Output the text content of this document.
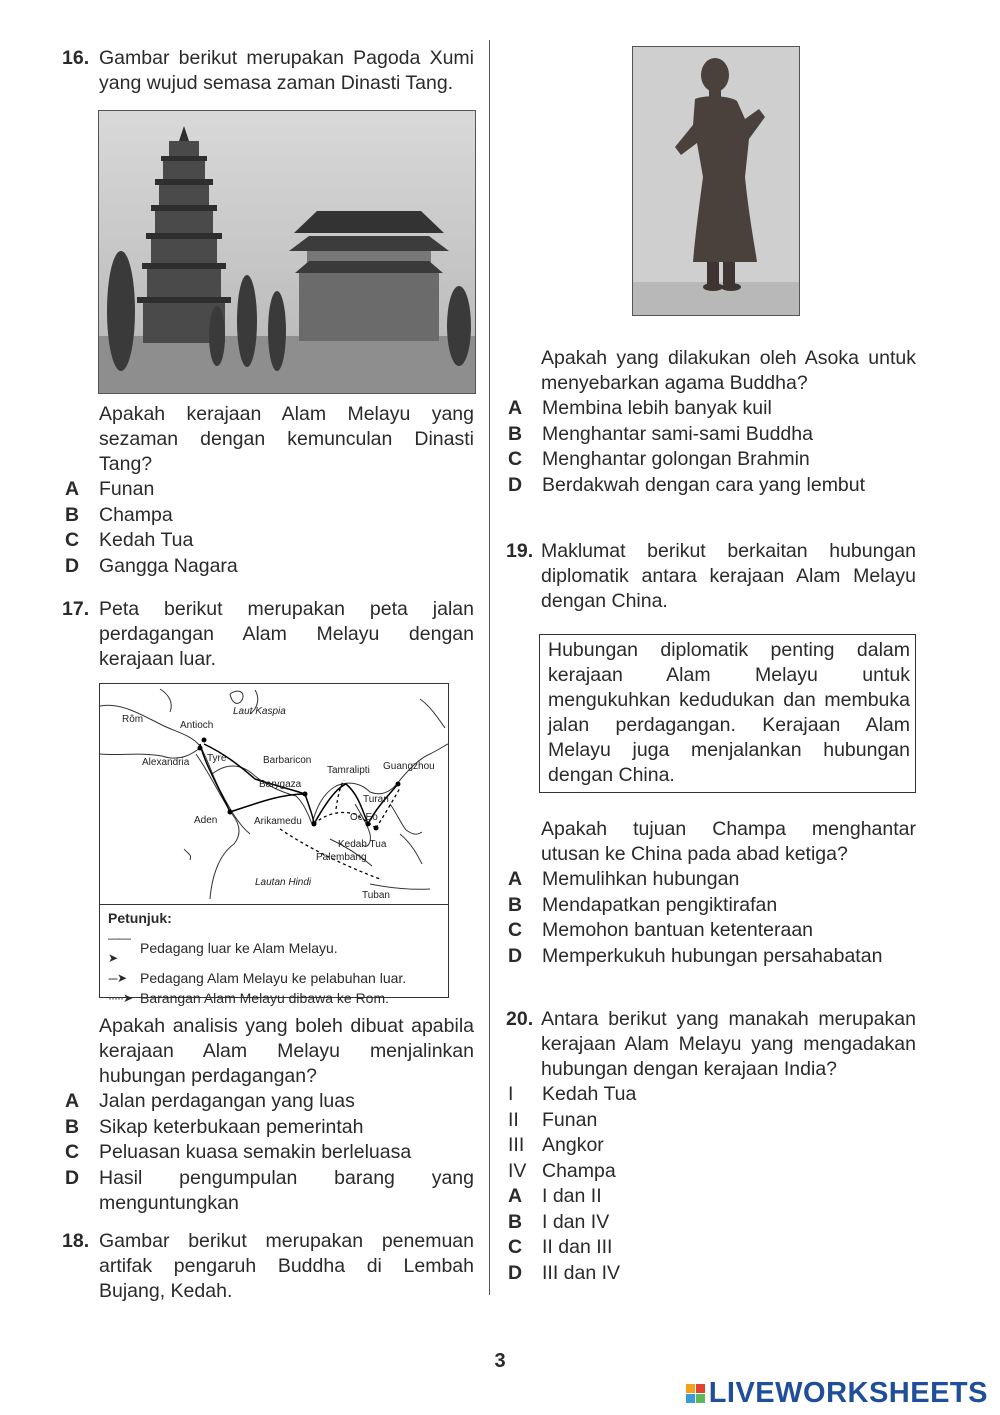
16. Gambar berikut merupakan Pagoda Xumi yang wujud semasa zaman Dinasti Tang.
Apakah kerajaan Alam Melayu yang sezaman dengan kemunculan Dinasti Tang?
A Funan
B Champa
C Kedah Tua
D Gangga Nagara
17. Peta berikut merupakan peta jalan perdagangan Alam Melayu dengan kerajaan luar.
Rôm
Antioch
Laut Kaspia
Tyre
Alexandria	Barbaricon
Barygaza
Tamralipti Guangzhou
Turan
Aden	Arikamedu	Oc Eo
Kedah Tua
Palembang
Lautan Hindi
Tuban
Petunjuk:
——➤
Pedagang luar ke Alam Melayu.
---➤ Pedagang Alam Melayu ke pelabuhan luar.
·····➤ Barangan Alam Melayu dibawa ke Rom.
Apakah analisis yang boleh dibuat apabila kerajaan Alam Melayu menjalinkan hubungan perdagangan?
A Jalan perdagangan yang luas
B Sikap keterbukaan pemerintah
C Peluasan kuasa semakin berleluasa
D Hasil pengumpulan barang yang menguntungkan
18. Gambar berikut merupakan penemuan artifak pengaruh Buddha di Lembah Bujang, Kedah.
Apakah yang dilakukan oleh Asoka untuk menyebarkan agama Buddha?
A Membina lebih banyak kuil
B Menghantar sami-sami Buddha
C Menghantar golongan Brahmin
D Berdakwah dengan cara yang lembut
19. Maklumat berikut berkaitan hubungan diplomatik antara kerajaan Alam Melayu dengan China.
Hubungan diplomatik penting dalam kerajaan Alam Melayu untuk mengukuhkan kedudukan dan membuka jalan perdagangan. Kerajaan Alam Melayu juga menjalankan hubungan dengan China.
Apakah tujuan Champa menghantar utusan ke China pada abad ketiga?
A Memulihkan hubungan
B Mendapatkan pengiktirafan
C Memohon bantuan ketenteraan
D Memperkukuh hubungan persahabatan
20. Antara berikut yang manakah merupakan kerajaan Alam Melayu yang mengadakan hubungan dengan kerajaan India?
I Kedah Tua
II Funan
III Angkor
IV Champa
A I dan II
B I dan IV
C II dan III
D III dan IV
3
LIVEWORKSHEETS
